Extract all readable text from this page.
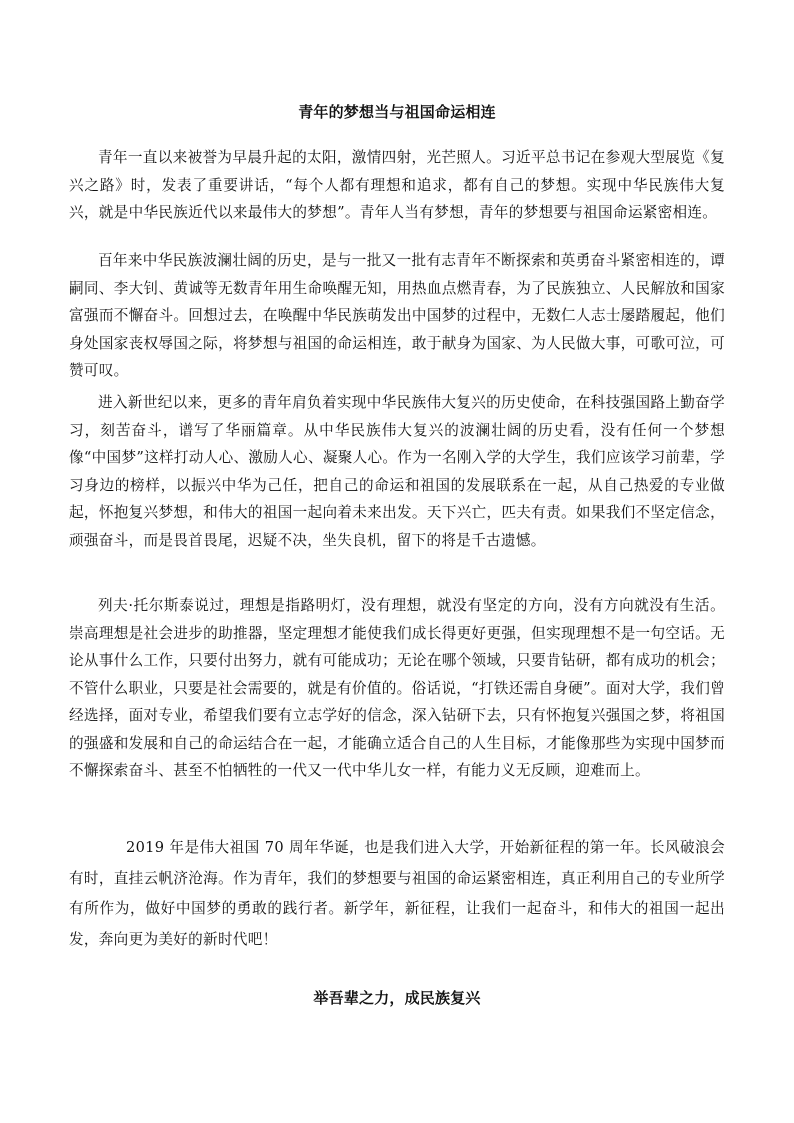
青年的梦想当与祖国命运相连

青年一直以来被誉为早晨升起的太阳，激情四射，光芒照人。习近平总书记在参观大型展览《复兴之路》时，发表了重要讲话，“每个人都有理想和追求，都有自己的梦想。实现中华民族伟大复兴，就是中华民族近代以来最伟大的梦想”。青年人当有梦想，青年的梦想要与祖国命运紧密相连。

百年来中华民族波澜壮阔的历史，是与一批又一批有志青年不断探索和英勇奋斗紧密相连的，谭嗣同、李大钊、黄诚等无数青年用生命唤醒无知，用热血点燃青春，为了民族独立、人民解放和国家富强而不懈奋斗。回想过去，在唤醒中华民族萌发出中国梦的过程中，无数仁人志士屡踏履起，他们身处国家丧权辱国之际，将梦想与祖国的命运相连，敢于献身为国家、为人民做大事，可歌可泣，可赞可叹。

进入新世纪以来，更多的青年肩负着实现中华民族伟大复兴的历史使命，在科技强国路上勤奋学习，刻苦奋斗，谱写了华丽篇章。从中华民族伟大复兴的波澜壮阔的历史看，没有任何一个梦想像“中国梦”这样打动人心、激励人心、凝聚人心。作为一名刚入学的大学生，我们应该学习前辈，学习身边的榜样，以振兴中华为己任，把自己的命运和祖国的发展联系在一起，从自己热爱的专业做起，怀抱复兴梦想，和伟大的祖国一起向着未来出发。天下兴亡，匹夫有责。如果我们不坚定信念，顽强奋斗，而是畏首畏尾，迟疑不决，坐失良机，留下的将是千古遗憾。

列夫·托尔斯泰说过，理想是指路明灯，没有理想，就没有坚定的方向，没有方向就没有生活。崇高理想是社会进步的助推器，坚定理想才能使我们成长得更好更强，但实现理想不是一句空话。无论从事什么工作，只要付出努力，就有可能成功；无论在哪个领域，只要肯钻研，都有成功的机会；不管什么职业，只要是社会需要的，就是有价值的。俗话说，“打铁还需自身硬”。面对大学，我们曾经选择，面对专业，希望我们要有立志学好的信念，深入钻研下去，只有怀抱复兴强国之梦，将祖国的强盛和发展和自己的命运结合在一起，才能确立适合自己的人生目标，才能像那些为实现中国梦而不懈探索奋斗、甚至不怕牺牲的一代又一代中华儿女一样，有能力义无反顾，迎难而上。

2019 年是伟大祖国 70 周年华诞，也是我们进入大学，开始新征程的第一年。长风破浪会有时，直挂云帆济沧海。作为青年，我们的梦想要与祖国的命运紧密相连，真正利用自己的专业所学有所作为，做好中国梦的勇敢的践行者。新学年，新征程，让我们一起奋斗，和伟大的祖国一起出发，奔向更为美好的新时代吧！

举吾辈之力，成民族复兴
